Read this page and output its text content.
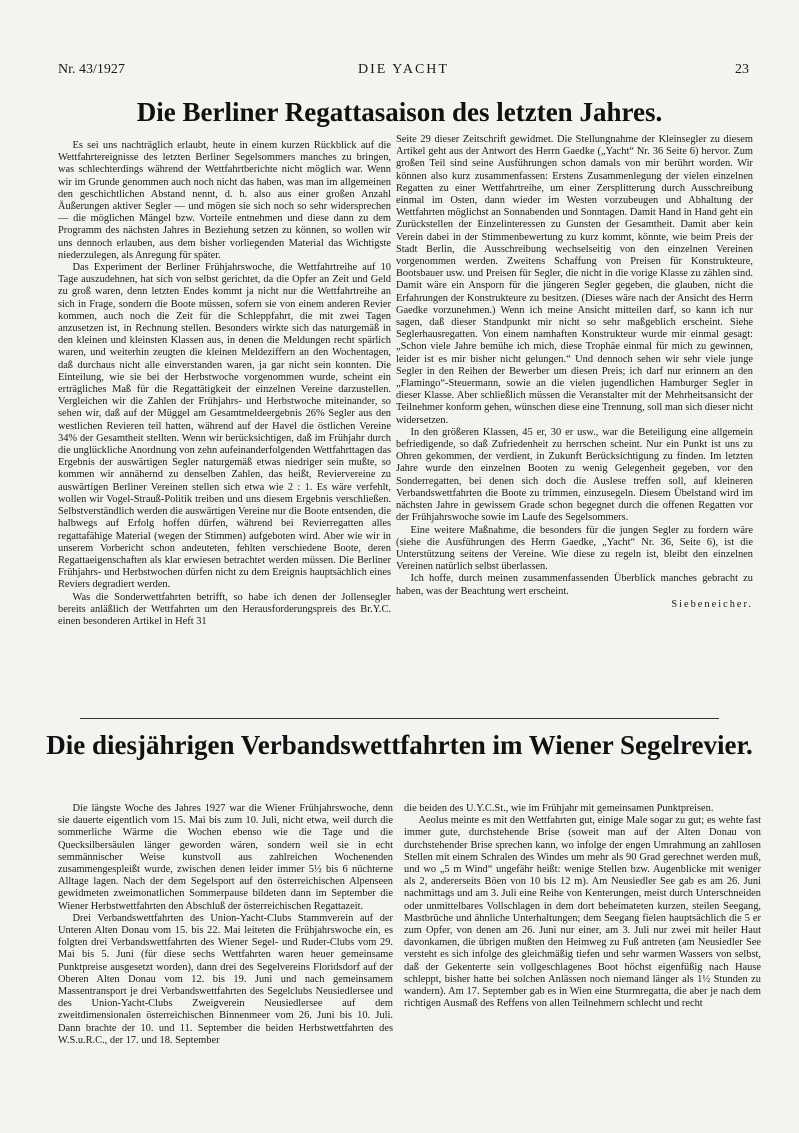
Nr. 43/1927	DIE YACHT	23
Die Berliner Regattasaison des letzten Jahres.

Es sei uns nachträglich erlaubt, heute in einem kurzen Rückblick auf die Wettfahrtereignisse des letzten Berliner Segelsommers manches zu bringen, was schlechterdings während der Wettfahrtberichte nicht möglich war. Wenn wir im Grunde genommen auch noch nicht das haben, was man im allgemeinen den geschichtlichen Abstand nennt, d. h. also aus einer großen Anzahl Äußerungen aktiver Segler — und mögen sie sich noch so sehr widersprechen — die möglichen Mängel bzw. Vorteile entnehmen und diese dann zu dem Programm des nächsten Jahres in Beziehung setzen zu können, so wollen wir uns dennoch erlauben, aus dem bisher vorliegenden Material das Wichtigste niederzulegen, als Anregung für später.

Das Experiment der Berliner Frühjahrswoche, die Wettfahrtreihe auf 10 Tage auszudehnen, hat sich von selbst gerichtet, da die Opfer an Zeit und Geld zu groß waren, denn letzten Endes kommt ja nicht nur die Wettfahrtreihe an sich in Frage, sondern die Boote müssen, sofern sie von einem anderen Revier kommen, auch noch die Zeit für die Schleppfahrt, die mit zwei Tagen anzusetzen ist, in Rechnung stellen. Besonders wirkte sich das naturgemäß in den kleinen und kleinsten Klassen aus, in denen die Meldungen recht spärlich waren, und weiterhin zeugten die kleinen Meldeziffern an den Wochentagen, daß durchaus nicht alle einverstanden waren, ja gar nicht sein konnten. Die Einteilung, wie sie bei der Herbstwoche vorgenommen wurde, scheint ein erträgliches Maß für die Regattätigkeit der einzelnen Vereine darzustellen. Vergleichen wir die Zahlen der Frühjahrs- und Herbstwoche miteinander, so sehen wir, daß auf der Müggel am Gesamtmeldeergebnis 26% Segler aus den westlichen Revieren teil hatten, während auf der Havel die östlichen Vereine 34% der Gesamtheit stellten. Wenn wir berücksichtigen, daß im Frühjahr durch die unglückliche Anordnung von zehn aufeinanderfolgenden Wettfahrttagen das Ergebnis der auswärtigen Segler naturgemäß etwas niedriger sein mußte, so kommen wir annähernd zu denselben Zahlen, das heißt, Reviervereine zu auswärtigen Berliner Vereinen stellen sich etwa wie 2 : 1. Es wäre verfehlt, wollen wir Vogel-Strauß-Politik treiben und uns diesem Ergebnis verschließen. Selbstverständlich werden die auswärtigen Vereine nur die Boote entsenden, die halbwegs auf Erfolg hoffen dürfen, während bei Revierregatten alles regattafähige Material (wegen der Stimmen) aufgeboten wird. Aber wie wir in unserem Vorbericht schon andeuteten, fehlten verschiedene Boote, deren Regattaeigenschaften als klar erwiesen betrachtet werden müssen. Die Berliner Frühjahrs- und Herbstwochen dürfen nicht zu dem Ereignis hauptsächlich eines Reviers degradiert werden.

Was die Sonderwettfahrten betrifft, so habe ich denen der Jollensegler bereits anläßlich der Wettfahrten um den Herausforderungspreis des Br.Y.C. einen besonderen Artikel in Heft 31

Seite 29 dieser Zeitschrift gewidmet. Die Stellungnahme der Kleinsegler zu diesem Artikel geht aus der Antwort des Herrn Gaedke („Yacht“ Nr. 36 Seite 6) hervor. Zum großen Teil sind seine Ausführungen schon damals von mir berührt worden. Wir können also kurz zusammenfassen: Erstens Zusammenlegung der vielen einzelnen Regatten zu einer Wettfahrtreihe, um einer Zersplitterung durch Ausschreibung einmal im Osten, dann wieder im Westen vorzubeugen und Abhaltung der Wettfahrten möglichst an Sonnabenden und Sonntagen. Damit Hand in Hand geht ein Zurückstellen der Einzelinteressen zu Gunsten der Gesamtheit. Damit aber kein Verein dabei in der Stimmenbewertung zu kurz kommt, könnte, wie beim Preis der Stadt Berlin, die Ausschreibung wechselseitig von den einzelnen Vereinen vorgenommen werden. Zweitens Schaffung von Preisen für Konstrukteure, Bootsbauer usw. und Preisen für Segler, die nicht in die vorige Klasse zu zählen sind. Damit wäre ein Ansporn für die jüngeren Segler gegeben, die glauben, nicht die Erfahrungen der Konstrukteure zu besitzen. (Dieses wäre nach der Ansicht des Herrn Gaedke vorzunehmen.) Wenn ich meine Ansicht mitteilen darf, so kann ich nur sagen, daß dieser Standpunkt mir nicht so sehr maßgeblich erscheint. Siehe Seglerhausregatten. Von einem namhaften Konstrukteur wurde mir einmal gesagt: „Schon viele Jahre bemühe ich mich, diese Trophäe einmal für mich zu gewinnen, leider ist es mir bisher nicht gelungen.“ Und dennoch sehen wir sehr viele junge Segler in den Reihen der Bewerber um diesen Preis; ich darf nur erinnern an den „Flamingo“-Steuermann, sowie an die vielen jugendlichen Hamburger Segler in dieser Klasse. Aber schließlich müssen die Veranstalter mit der Mehrheitsansicht der Teilnehmer konform gehen, wünschen diese eine Trennung, soll man sich dieser nicht widersetzen.

In den größeren Klassen, 45 er, 30 er usw., war die Beteiligung eine allgemein befriedigende, so daß Zufriedenheit zu herrschen scheint. Nur ein Punkt ist uns zu Ohren gekommen, der verdient, in Zukunft Berücksichtigung zu finden. Im letzten Jahre wurde den einzelnen Booten zu wenig Gelegenheit gegeben, vor den Sonderregatten, bei denen sich doch die Auslese treffen soll, auf kleineren Verbandswettfahrten die Boote zu trimmen, einzusegeln. Diesem Übelstand wird im nächsten Jahre in gewissem Grade schon begegnet durch die offenen Regatten vor der Frühjahrswoche sowie im Laufe des Segelsommers.

Eine weitere Maßnahme, die besonders für die jungen Segler zu fordern wäre (siehe die Ausführungen des Herrn Gaedke, „Yacht“ Nr. 36, Seite 6), ist die Unterstützung seitens der Vereine. Wie diese zu regeln ist, bleibt den einzelnen Vereinen natürlich selbst überlassen.

Ich hoffe, durch meinen zusammenfassenden Überblick manches gebracht zu haben, was der Beachtung wert erscheint.

Siebeneicher.
Die diesjährigen Verbandswettfahrten im Wiener Segelrevier.

Die längste Woche des Jahres 1927 war die Wiener Frühjahrswoche, denn sie dauerte eigentlich vom 15. Mai bis zum 10. Juli, nicht etwa, weil durch die sommerliche Wärme die Wochen ebenso wie die Tage und die Quecksilbersäulen länger geworden wären, sondern weil sie in echt semmännischer Weise kunstvoll aus zahlreichen Wochenenden zusammengespleißt wurde, zwischen denen leider immer 5½ bis 6 nüchterne Alltage lagen. Nach der dem Segelsport auf den österreichischen Alpenseen gewidmeten zweimonatlichen Sommerpause bildeten dann im September die Wiener Herbstwettfahrten den Abschluß der österreichischen Regattazeit.

Drei Verbandswettfahrten des Union-Yacht-Clubs Stammverein auf der Unteren Alten Donau vom 15. bis 22. Mai leiteten die Frühjahrswoche ein, es folgten drei Verbandswettfahrten des Wiener Segel- und Ruder-Clubs vom 29. Mai bis 5. Juni (für diese sechs Wettfahrten waren heuer gemeinsame Punktpreise ausgesetzt worden), dann drei des Segelvereins Floridsdorf auf der Oberen Alten Donau vom 12. bis 19. Juni und nach gemeinsamem Massentransport je drei Verbandswettfahrten des Segelclubs Neusiedlersee und des Union-Yacht-Clubs Zweigverein Neusiedlersee auf dem zweitdimensionalen österreichischen Binnenmeer vom 26. Juni bis 10. Juli. Dann brachte der 10. und 11. September die beiden Herbstwettfahrten des W.S.u.R.C., der 17. und 18. September

die beiden des U.Y.C.St., wie im Frühjahr mit gemeinsamen Punktpreisen.

Aeolus meinte es mit den Wettfahrten gut, einige Male sogar zu gut; es wehte fast immer gute, durchstehende Brise (soweit man auf der Alten Donau von durchstehender Brise sprechen kann, wo infolge der engen Umrahmung an zahllosen Stellen mit einem Schralen des Windes um mehr als 90 Grad gerechnet werden muß, und wo „5 m Wind“ ungefähr heißt: wenige Stellen bzw. Augenblicke mit weniger als 2, andererseits Böen von 10 bis 12 m). Am Neusiedler See gab es am 26. Juni nachmittags und am 3. Juli eine Reihe von Kenterungen, meist durch Unterschneiden oder unmittelbares Vollschlagen in dem dort beheimateten kurzen, steilen Seegang, Mastbrüche und ähnliche Unterhaltungen; dem Seegang fielen hauptsächlich die 5 er zum Opfer, von denen am 26. Juni nur einer, am 3. Juli nur zwei mit heiler Haut davonkamen, die übrigen mußten den Heimweg zu Fuß antreten (am Neusiedler See versteht es sich infolge des gleichmäßig tiefen und sehr warmen Wassers von selbst, daß der Gekenterte sein vollgeschlagenes Boot höchst eigenfüßig nach Hause schleppt, bisher hatte bei solchen Anlässen noch niemand länger als 1½ Stunden zu wandern). Am 17. September gab es in Wien eine Sturmregatta, die aber je nach dem richtigen Ausmaß des Reffens von allen Teilnehmern schlecht und recht
